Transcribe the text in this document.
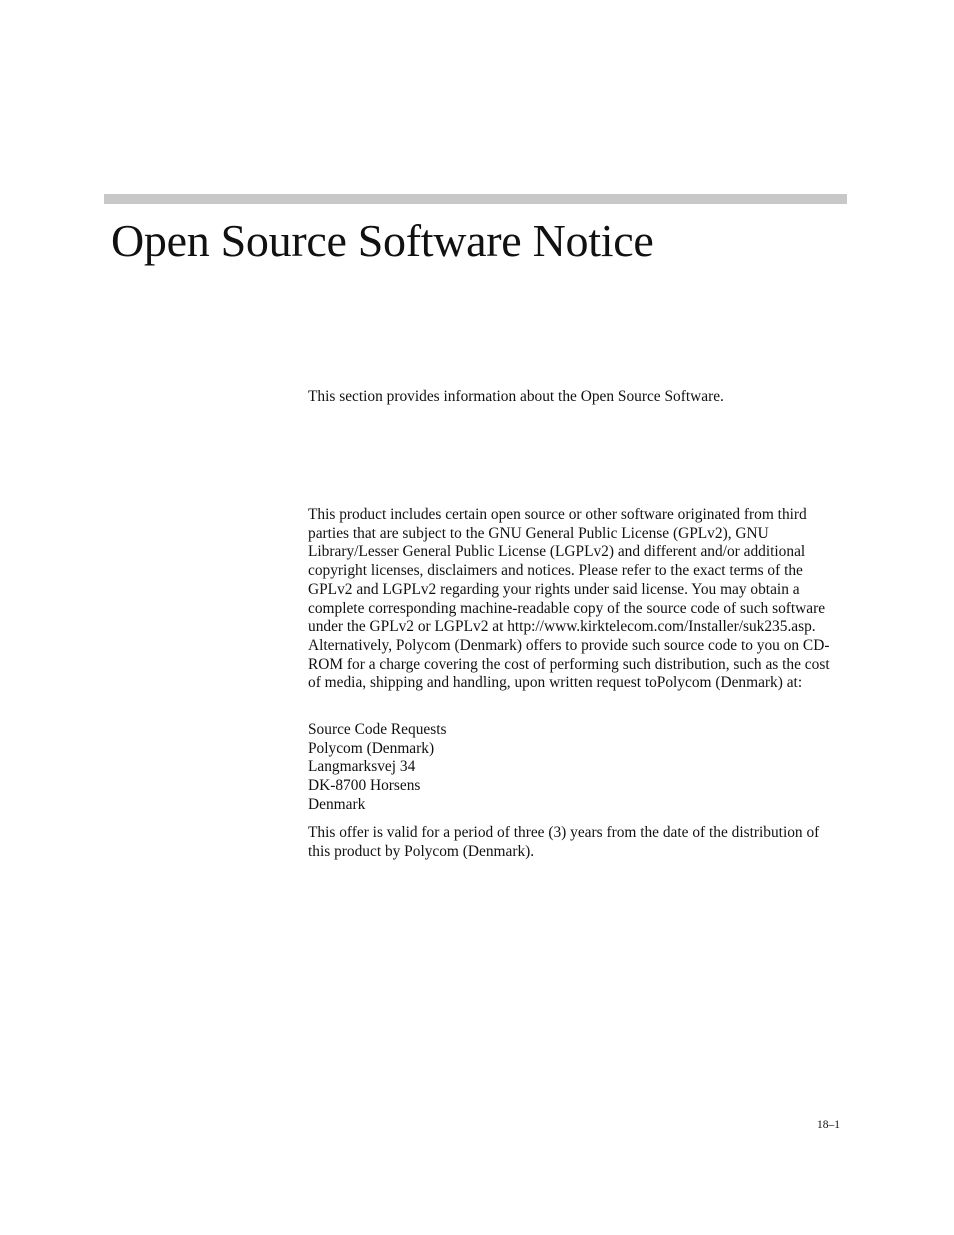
Open Source Software Notice

This section provides information about the Open Source Software.

This product includes certain open source or other software originated from third parties that are subject to the GNU General Public License (GPLv2), GNU Library/Lesser General Public License (LGPLv2) and different and/or additional copyright licenses, disclaimers and notices. Please refer to the exact terms of the GPLv2 and LGPLv2 regarding your rights under said license. You may obtain a complete corresponding machine-readable copy of the source code of such software under the GPLv2 or LGPLv2 at http://www.kirktelecom.com/Installer/suk235.asp. Alternatively, Polycom (Denmark) offers to provide such source code to you on CD-ROM for a charge covering the cost of performing such distribution, such as the cost of media, shipping and handling, upon written request toPolycom (Denmark) at:

Source Code Requests
Polycom (Denmark)
Langmarksvej 34
DK-8700 Horsens
Denmark

This offer is valid for a period of three (3) years from the date of the distribution of this product by Polycom (Denmark).

18–1
